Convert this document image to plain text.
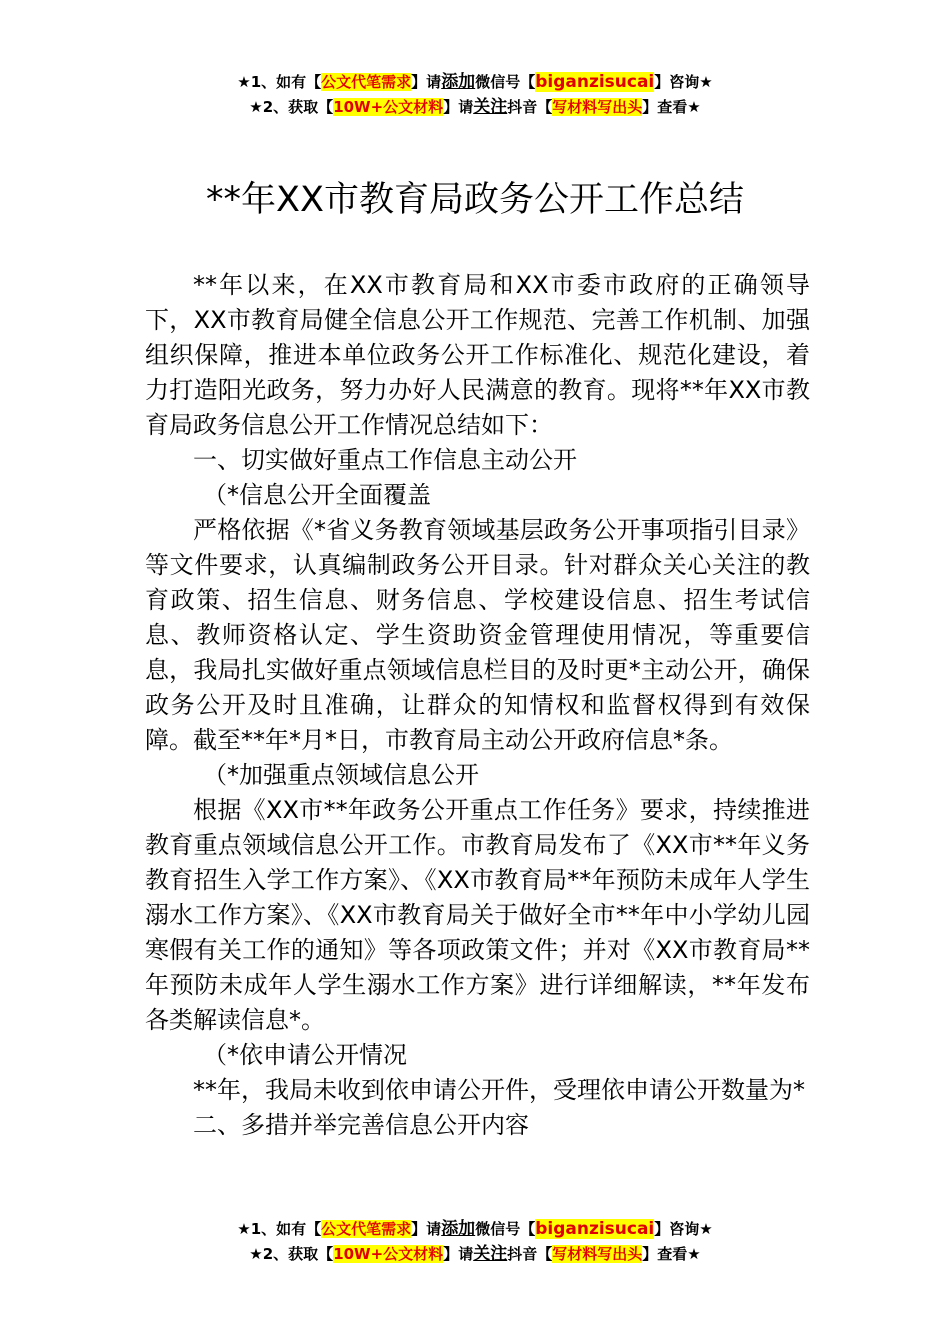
★1、如有【公文代笔需求】请添加微信号【biganzisucai】咨询★
★2、获取【10W+公文材料】请关注抖音【写材料写出头】查看★
**年XX市教育局政务公开工作总结

**年以来，在XX市教育局和XX市委市政府的正确领导下，XX市教育局健全信息公开工作规范、完善工作机制、加强组织保障，推进本单位政务公开工作标准化、规范化建设，着力打造阳光政务，努力办好人民满意的教育。现将**年XX市教育局政务信息公开工作情况总结如下：

一、切实做好重点工作信息主动公开

（*信息公开全面覆盖

严格依据《*省义务教育领域基层政务公开事项指引目录》等文件要求，认真编制政务公开目录。针对群众关心关注的教育政策、招生信息、财务信息、学校建设信息、招生考试信息、教师资格认定、学生资助资金管理使用情况，等重要信息，我局扎实做好重点领域信息栏目的及时更*主动公开，确保政务公开及时且准确，让群众的知情权和监督权得到有效保障。截至**年*月*日，市教育局主动公开政府信息*条。

（*加强重点领域信息公开

根据《XX市**年政务公开重点工作任务》要求，持续推进教育重点领域信息公开工作。市教育局发布了《XX市**年义务教育招生入学工作方案》、《XX市教育局**年预防未成年人学生溺水工作方案》、《XX市教育局关于做好全市**年中小学幼儿园寒假有关工作的通知》等各项政策文件；并对《XX市教育局**年预防未成年人学生溺水工作方案》进行详细解读，**年发布各类解读信息*。

（*依申请公开情况

**年，我局未收到依申请公开件，受理依申请公开数量为*

二、多措并举完善信息公开内容

★1、如有【公文代笔需求】请添加微信号【biganzisucai】咨询★
★2、获取【10W+公文材料】请关注抖音【写材料写出头】查看★
